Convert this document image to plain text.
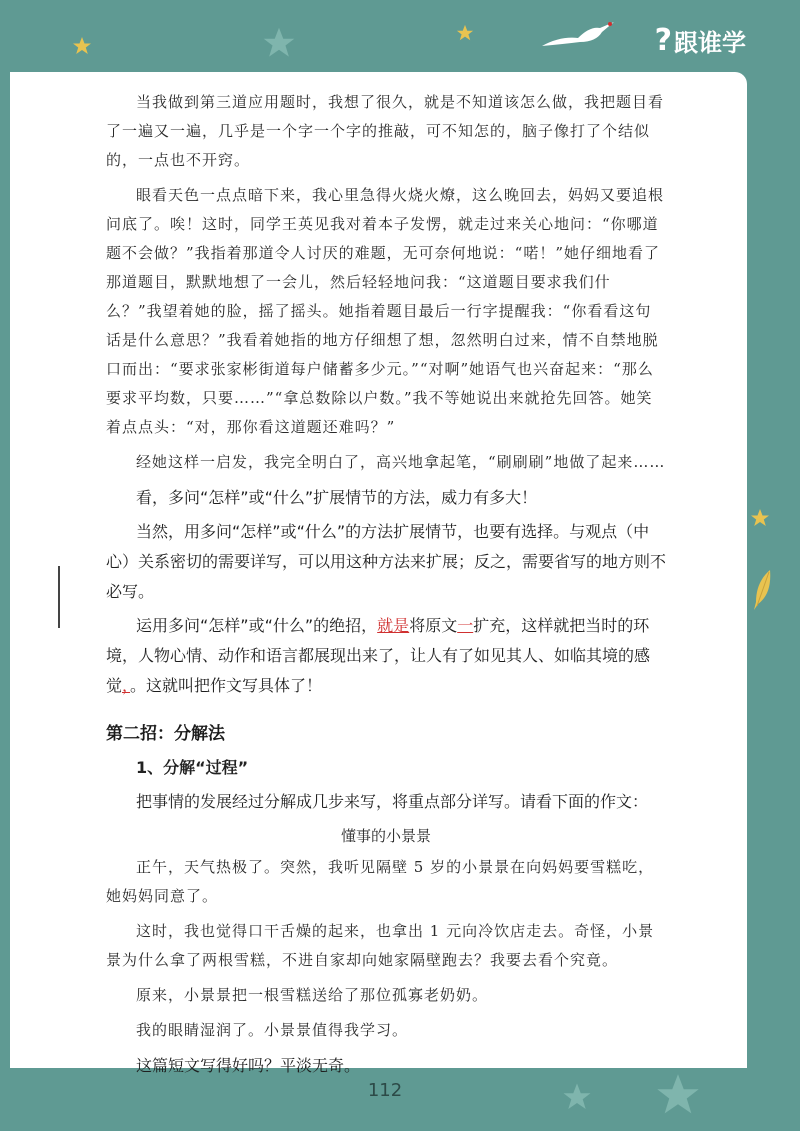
? 跟谁学

当我做到第三道应用题时，我想了很久，就是不知道该怎么做，我把题目看了一遍又一遍，几乎是一个字一个字的推敲，可不知怎的，脑子像打了个结似的，一点也不开窍。

眼看天色一点点暗下来，我心里急得火烧火燎，这么晚回去，妈妈又要追根问底了。唉！这时，同学王英见我对着本子发愣，就走过来关心地问：“你哪道题不会做？”我指着那道令人讨厌的难题，无可奈何地说：“喏！”她仔细地看了那道题目，默默地想了一会儿，然后轻轻地问我：“这道题目要求我们什么？”我望着她的脸，摇了摇头。她指着题目最后一行字提醒我：“你看看这句话是什么意思？”我看着她指的地方仔细想了想，忽然明白过来，情不自禁地脱口而出：“要求张家彬街道每户储蓄多少元。”“对啊”她语气也兴奋起来：“那么要求平均数，只要……”“拿总数除以户数。”我不等她说出来就抢先回答。她笑着点点头：“对，那你看这道题还难吗？”

经她这样一启发，我完全明白了，高兴地拿起笔，“刷刷刷”地做了起来……

看，多问“怎样”或“什么”扩展情节的方法，威力有多大！

当然，用多问“怎样”或“什么”的方法扩展情节，也要有选择。与观点（中心）关系密切的需要详写，可以用这种方法来扩展；反之，需要省写的地方则不必写。

运用多问“怎样”或“什么”的绝招，就是将原文一扩充，这样就把当时的环境，人物心情、动作和语言都展现出来了，让人有了如见其人、如临其境的感觉，。这就叫把作文写具体了！

第二招：分解法
1、分解“过程”

把事情的发展经过分解成几步来写，将重点部分详写。请看下面的作文：

懂事的小景景

正午，天气热极了。突然，我听见隔壁 5 岁的小景景在向妈妈要雪糕吃，她妈妈同意了。

这时，我也觉得口干舌燥的起来，也拿出 1 元向冷饮店走去。奇怪，小景景为什么拿了两根雪糕，不进自家却向她家隔壁跑去？我要去看个究竟。

原来，小景景把一根雪糕送给了那位孤寡老奶奶。

我的眼睛湿润了。小景景值得我学习。

这篇短文写得好吗？平淡无奇。

112
